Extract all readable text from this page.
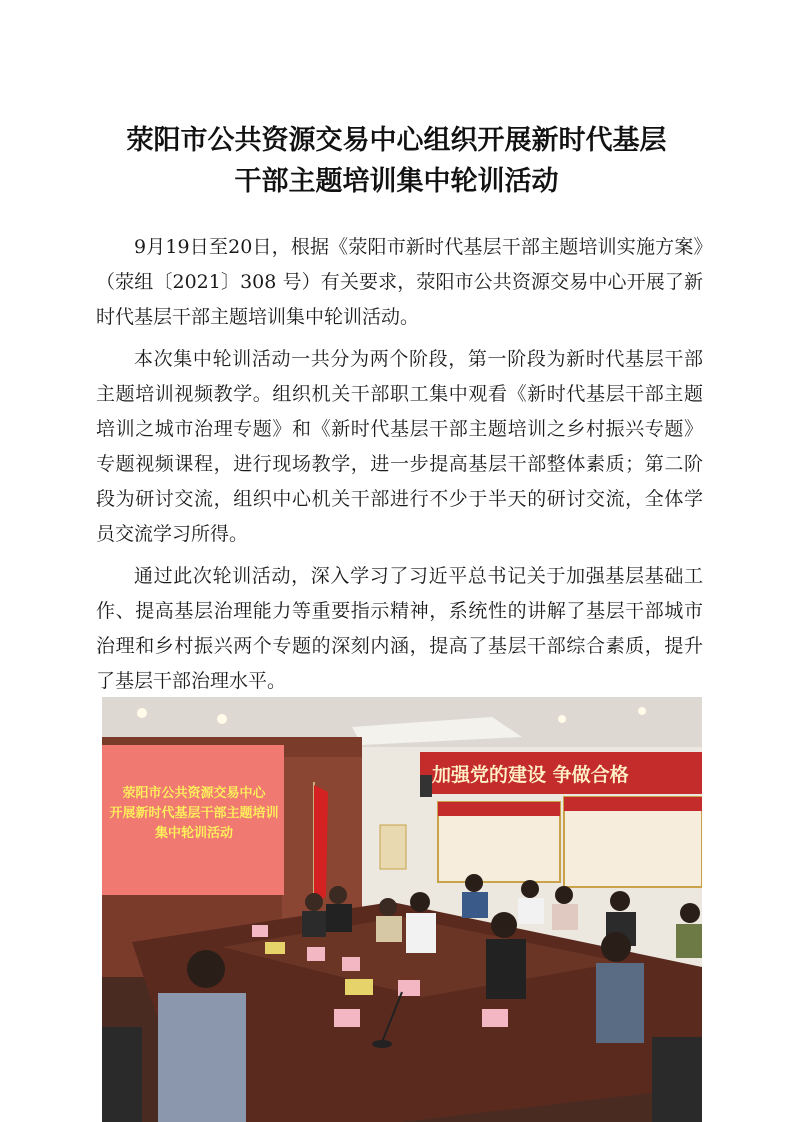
荥阳市公共资源交易中心组织开展新时代基层
干部主题培训集中轮训活动

9月19日至20日，根据《荥阳市新时代基层干部主题培训实施方案》（荥组〔2021〕308 号）有关要求，荥阳市公共资源交易中心开展了新时代基层干部主题培训集中轮训活动。

本次集中轮训活动一共分为两个阶段，第一阶段为新时代基层干部主题培训视频教学。组织机关干部职工集中观看《新时代基层干部主题培训之城市治理专题》和《新时代基层干部主题培训之乡村振兴专题》专题视频课程，进行现场教学，进一步提高基层干部整体素质；第二阶段为研讨交流，组织中心机关干部进行不少于半天的研讨交流，全体学员交流学习所得。

通过此次轮训活动，深入学习了习近平总书记关于加强基层基础工作、提高基层治理能力等重要指示精神，系统性的讲解了基层干部城市治理和乡村振兴两个专题的深刻内涵，提高了基层干部综合素质，提升了基层干部治理水平。

荥阳市公共资源交易中心
开展新时代基层干部主题培训
集中轮训活动
加强党的建设 争做合格
